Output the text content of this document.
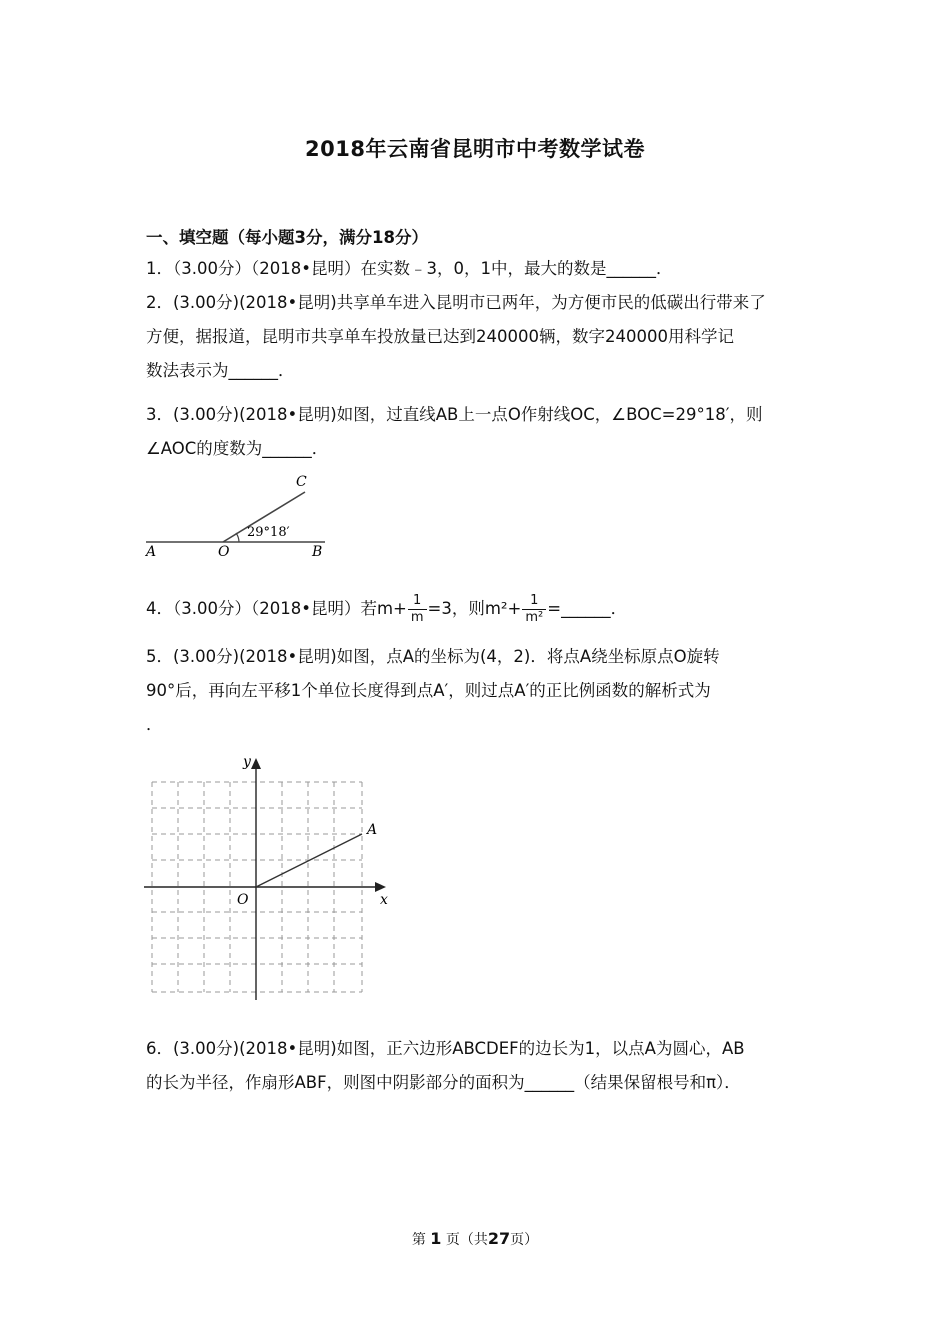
2018年云南省昆明市中考数学试卷
一、填空题（每小题3分，满分18分）

1．（3.00分）（2018•昆明）在实数﹣3，0，1中，最大的数是______．

2．(3.00分)(2018•昆明)共享单车进入昆明市已两年，为方便市民的低碳出行带来了

方便，据报道，昆明市共享单车投放量已达到240000辆，数字240000用科学记

数法表示为______．

3．(3.00分)(2018•昆明)如图，过直线AB上一点O作射线OC，∠BOC=29°18′，则

∠AOC的度数为______．

A	O	B
C
29°18′

4．（3.00分）（2018•昆明）若$m+ \frac{1}{m} =3$，则$m^2+ \frac{1}{\text{m²}}$ =______．

5．(3.00分)(2018•昆明)如图，点A的坐标为(4，2)．将点A绕坐标原点O旋转

90°后，再向左平移1个单位长度得到点A′，则过点A′的正比例函数的解析式为

．

y
x
O
A

6．(3.00分)(2018•昆明)如图，正六边形ABCDEF的边长为1，以点A为圆心，AB

的长为半径，作扇形ABF，则图中阴影部分的面积为______（结果保留根号和π）．

第 1 页（共27页）
